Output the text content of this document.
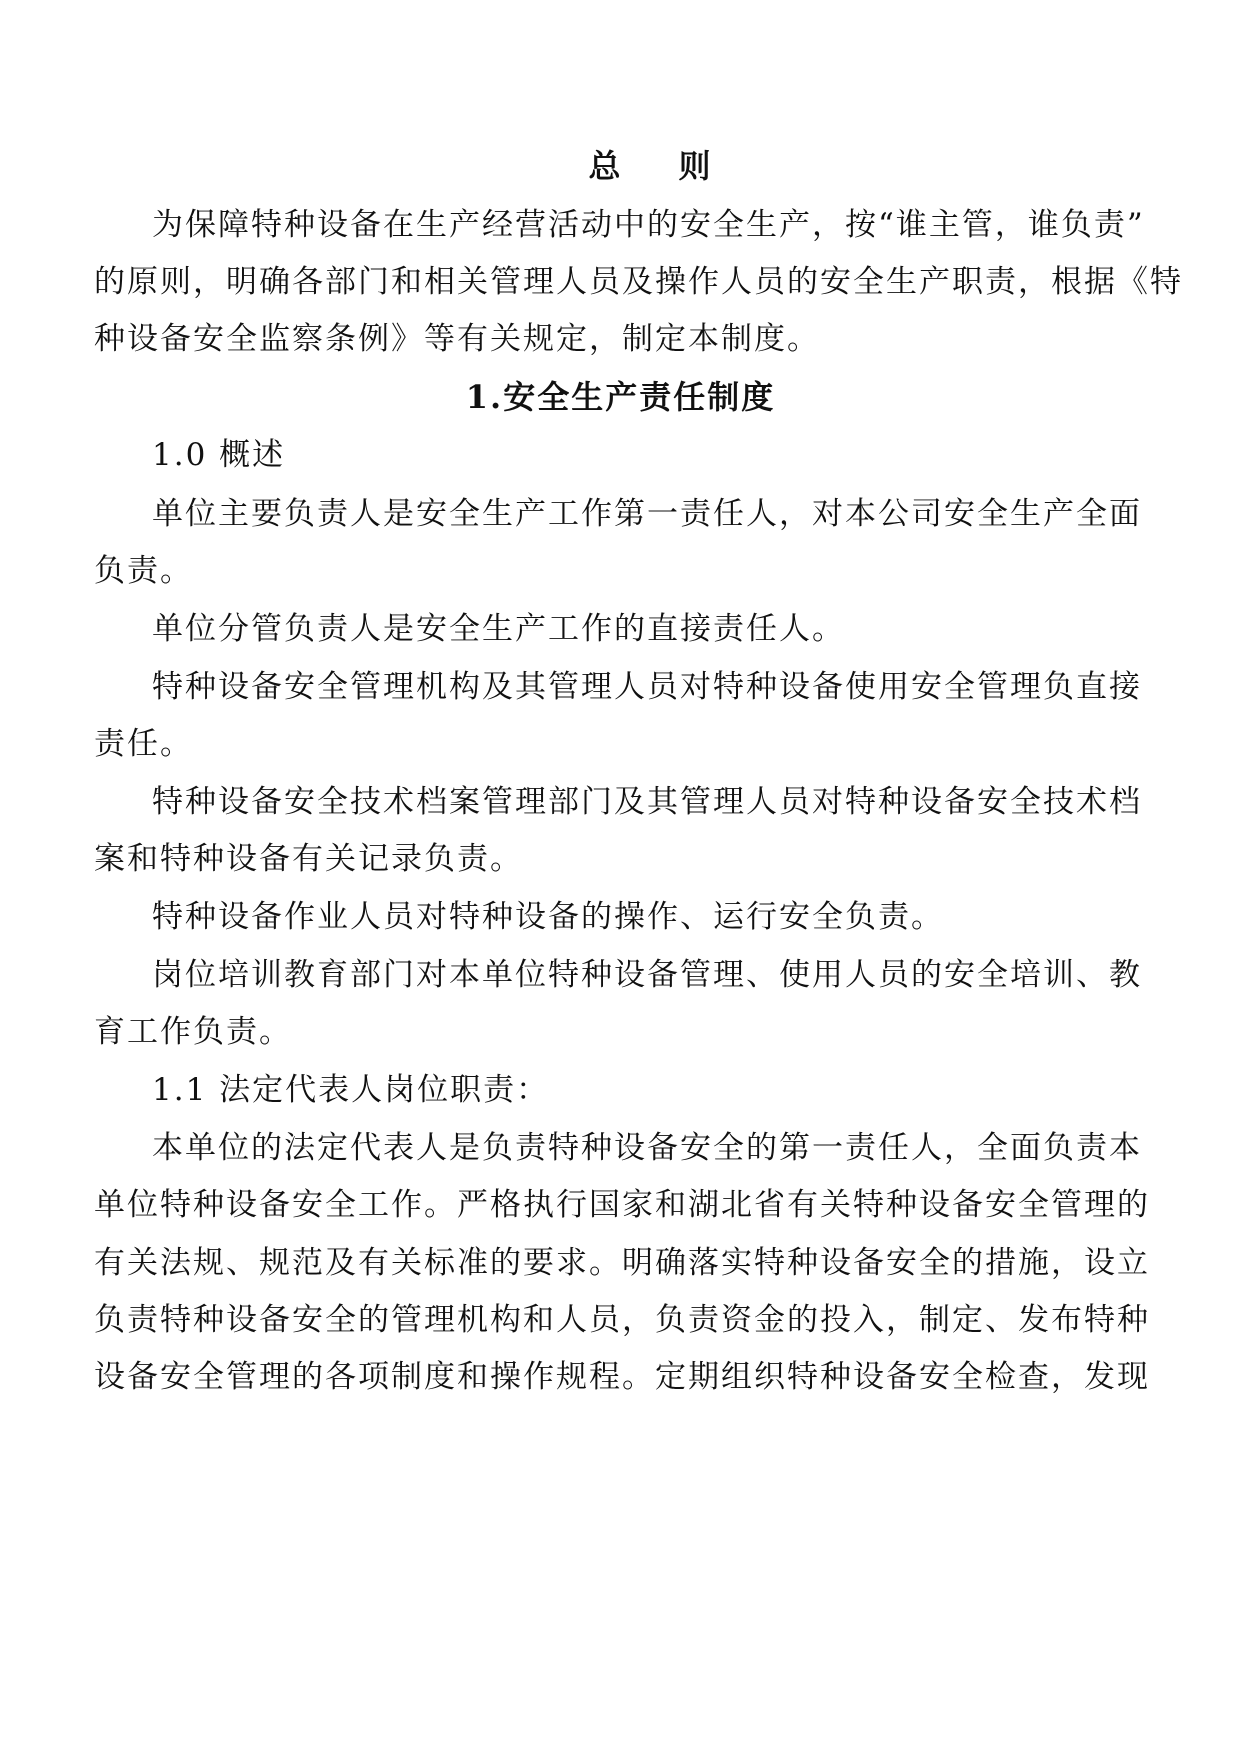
总则
为保障特种设备在生产经营活动中的安全生产，按“谁主管，谁负责”
的原则，明确各部门和相关管理人员及操作人员的安全生产职责，根据《特
种设备安全监察条例》等有关规定，制定本制度。
1.安全生产责任制度
1.0 概述
单位主要负责人是安全生产工作第一责任人，对本公司安全生产全面
负责。
单位分管负责人是安全生产工作的直接责任人。
特种设备安全管理机构及其管理人员对特种设备使用安全管理负直接
责任。
特种设备安全技术档案管理部门及其管理人员对特种设备安全技术档
案和特种设备有关记录负责。
特种设备作业人员对特种设备的操作、运行安全负责。
岗位培训教育部门对本单位特种设备管理、使用人员的安全培训、教
育工作负责。
1.1 法定代表人岗位职责：
本单位的法定代表人是负责特种设备安全的第一责任人，全面负责本
单位特种设备安全工作。严格执行国家和湖北省有关特种设备安全管理的
有关法规、规范及有关标准的要求。明确落实特种设备安全的措施，设立
负责特种设备安全的管理机构和人员，负责资金的投入，制定、发布特种
设备安全管理的各项制度和操作规程。定期组织特种设备安全检查，发现
